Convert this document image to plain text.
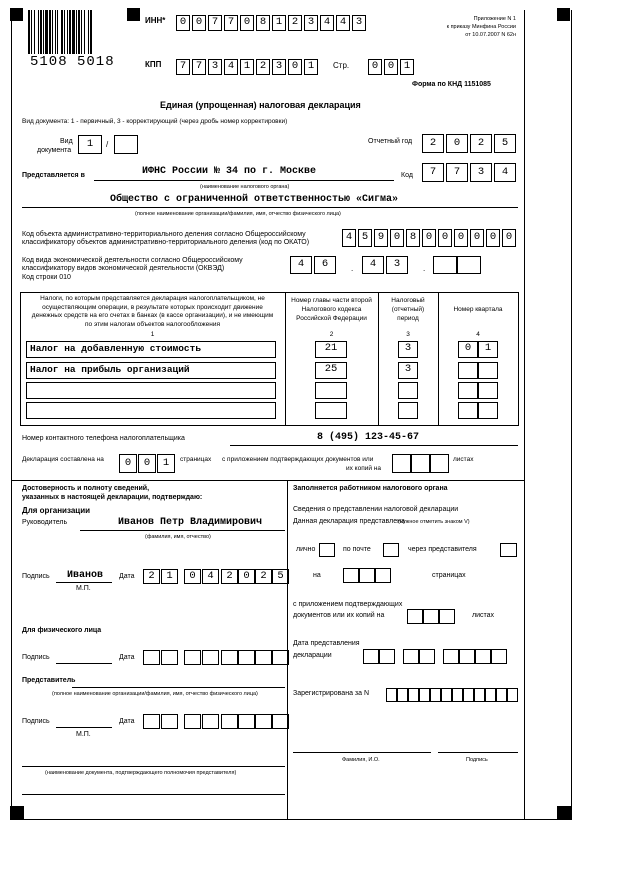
5108 5018
ИНН*	0 0 7 7 0 8 1 2 3 4 4 3	Приложение N 1
к приказу Минфина России
от 10.07.2007 N 62н
КПП	7 7 3 4 1 2 3 0 1	Стр.	0 0 1
Форма по КНД 1151085
Единая (упрощенная) налоговая декларация
Вид документа: 1 - первичный, 3 - корректирующий (через дробь номер корректировки)
Вид
документа
1	/	Отчетный год	2	0	2	5
Представляется в	ИФНС России № 34 по г. Москве
(наименование налогового органа)
Код	7	7	3	4
Общество с ограниченной ответственностью «Сигма»
(полное наименование организации/фамилия, имя, отчество физического лица)
Код объекта административно-территориального деления согласно Общероссийскому
классификатору объектов административно-территориального деления (код по ОКАТО)	4 5 9 0 8 0 0 0 0 0 0
Код вида экономической деятельности согласно Общероссийскому
классификатору видов экономической деятельности (ОКВЭД)
Код строки 010
4	6	4	3
.	.
Налоги, по которым представляется декларация налогоплательщиком, не
осуществляющим операции, в результате которых происходит движение
денежных средств на его счетах в банках (в кассе организации), и не имеющим
по этим налогам объектов налогообложения
Номер главы части второй
Налогового кодекса
Российской Федерации
Налоговый
(отчетный)
период
Номер квартала
1	2	3	4
Налог на добавленную стоимость	21	3	0	1
Налог на прибыль организаций	25	3
Номер контактного телефона налогоплательщика	8 (495) 123-45-67
Декларация составлена на	0	0	1	страницах с приложением подтверждающих документов или
их копий на
листах
Достоверность и полноту сведений,
указанных в настоящей декларации, подтверждаю:
Для организации
Руководитель	Иванов Петр Владимирович
(фамилия, имя, отчество)
Подпись Иванов Дата	2	1	0	4	2	0	2	5
М.П.
Для физического лица
Подпись	Дата
Представитель
(полное наименование организации/фамилия, имя, отчество физического лица)
Подпись	Дата
М.П.
(наименование документа, подтверждающего полномочия представителя)
Заполняется работником налогового органа
Сведения о представлении налоговой декларации
Данная декларация представлена
(нужное отметить знаком V)
лично	по почте	через представителя
на	страницах
с приложением подтверждающих
документов или их копий на	листах
Дата представления
декларации
Зарегистрирована за N
Фамилия, И.О.	Подпись
